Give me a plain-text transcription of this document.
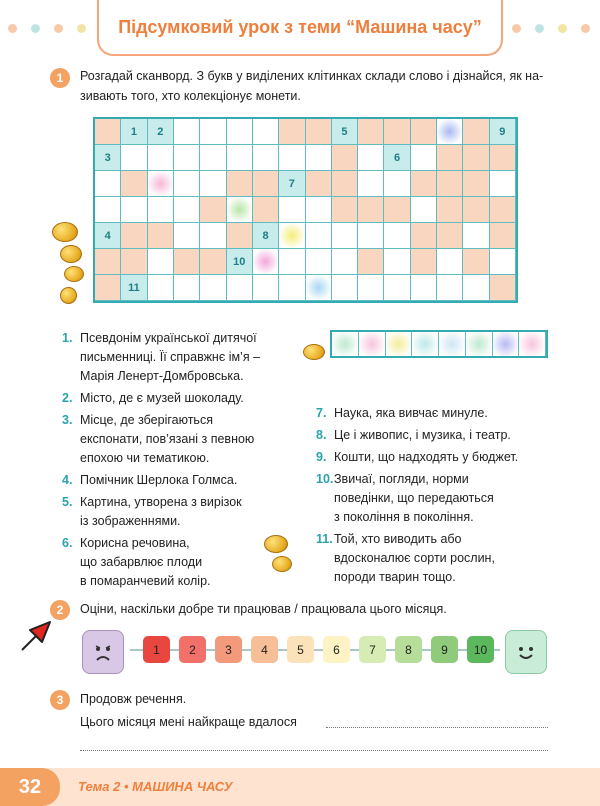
Підсумковий урок з теми “Машина часу”
1	Розгадай сканворд. З букв у виділених клітинках склади слово і дізнайся, як на-
зивають того, хто колекціонує монети.
1	2	5	9
3	6
7
4	8
10
11
1. Псевдонім української дитячої
письменниці. Її справжнє ім’я –
Марія Ленерт-Домбровська.
2. Місто, де є музей шоколаду.
3. Місце, де зберігаються
експонати, пов’язані з певною
епохою чи тематикою.
4. Помічник Шерлока Голмса.
5. Картина, утворена з вирізок
із зображеннями.
6. Корисна речовина,
що забарвлює плоди
в помаранчевий колір.
7. Наука, яка вивчає минуле.
8. Це і живопис, і музика, і театр.
9. Кошти, що надходять у бюджет.
10. Звичаї, погляди, норми
поведінки, що передаються
з покоління в покоління.
11. Той, хто виводить або
вдосконалює сорти рослин,
породи тварин тощо.
2	Оціни, наскільки добре ти працював / працювала цього місяця.
1	2	3	4	5	6	7	8	9	10
3	Продовж речення.
Цього місяця мені найкраще вдалося
32	Тема 2 • МАШИНА ЧАСУ
